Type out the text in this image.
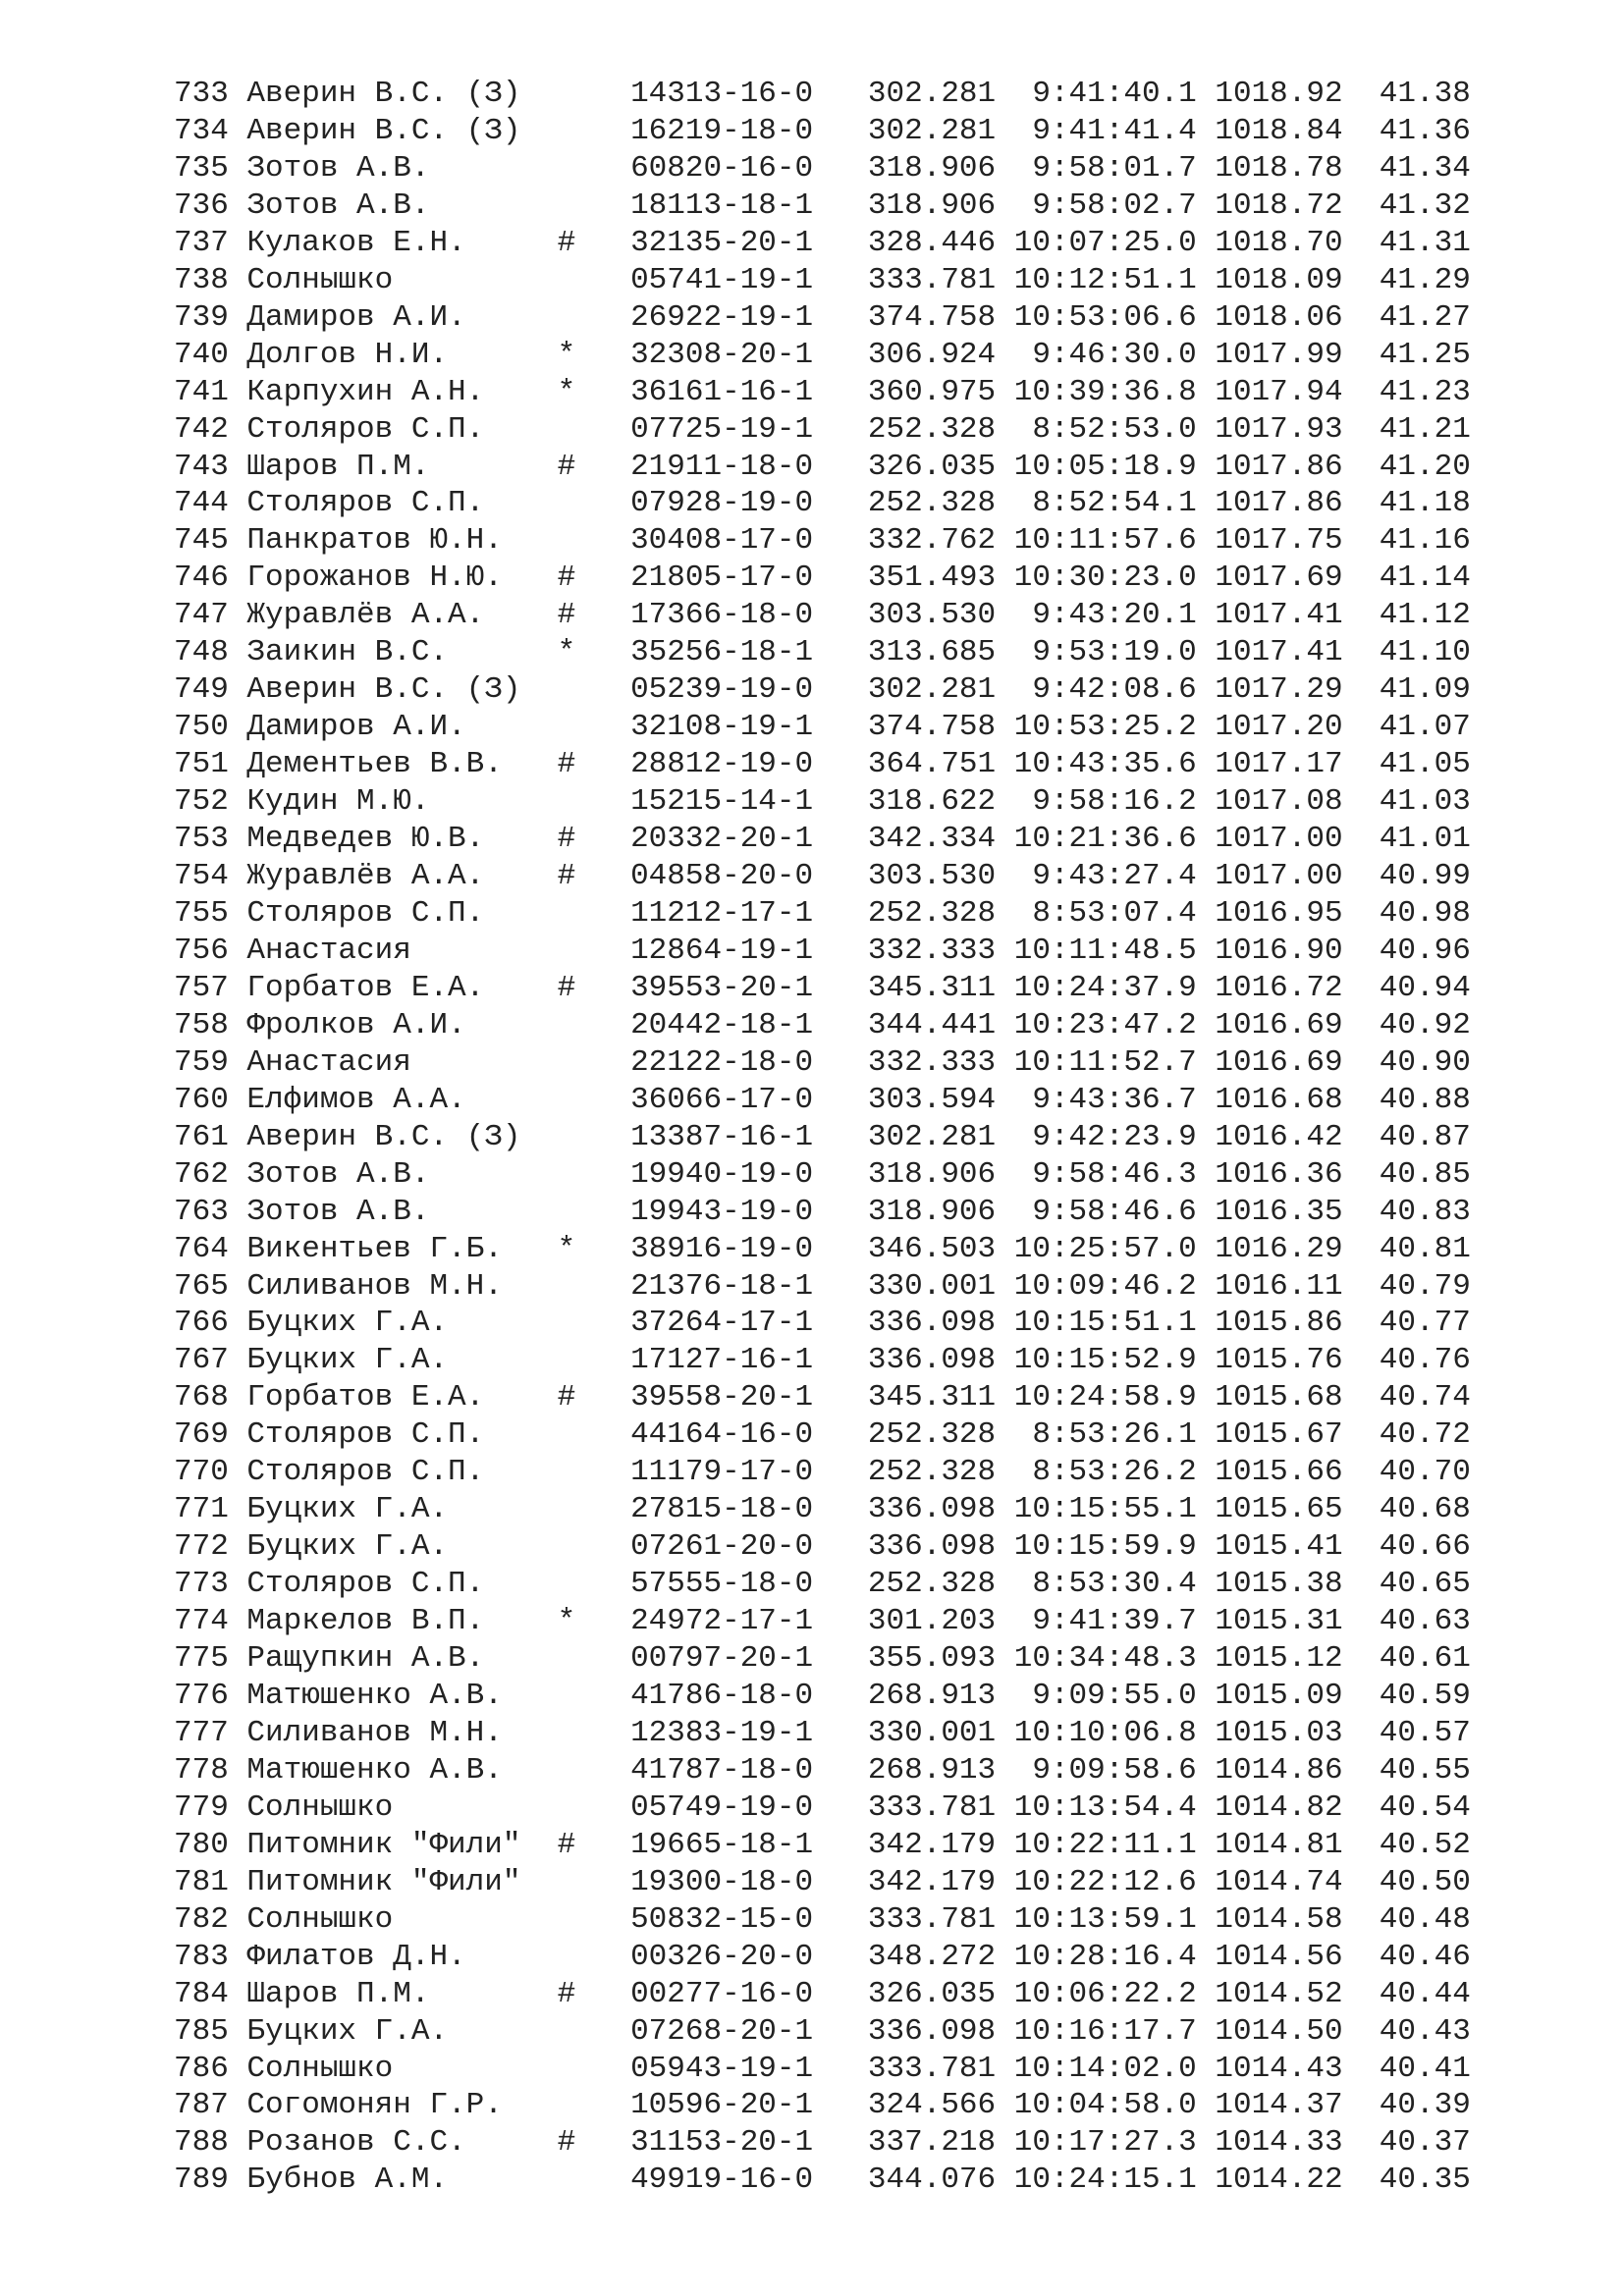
733 Аверин В.С. (З)      14313-16-0   302.281  9:41:40.1 1018.92  41.38
734 Аверин В.С. (З)      16219-18-0   302.281  9:41:41.4 1018.84  41.36
735 Зотов А.В.           60820-16-0   318.906  9:58:01.7 1018.78  41.34
736 Зотов А.В.           18113-18-1   318.906  9:58:02.7 1018.72  41.32
737 Кулаков Е.Н.     #   32135-20-1   328.446 10:07:25.0 1018.70  41.31
738 Солнышко             05741-19-1   333.781 10:12:51.1 1018.09  41.29
739 Дамиров А.И.         26922-19-1   374.758 10:53:06.6 1018.06  41.27
740 Долгов Н.И.      *   32308-20-1   306.924  9:46:30.0 1017.99  41.25
741 Карпухин А.Н.    *   36161-16-1   360.975 10:39:36.8 1017.94  41.23
742 Столяров С.П.        07725-19-1   252.328  8:52:53.0 1017.93  41.21
743 Шаров П.М.       #   21911-18-0   326.035 10:05:18.9 1017.86  41.20
744 Столяров С.П.        07928-19-0   252.328  8:52:54.1 1017.86  41.18
745 Панкратов Ю.Н.       30408-17-0   332.762 10:11:57.6 1017.75  41.16
746 Горожанов Н.Ю.   #   21805-17-0   351.493 10:30:23.0 1017.69  41.14
747 Журавлёв А.А.    #   17366-18-0   303.530  9:43:20.1 1017.41  41.12
748 Заикин В.С.      *   35256-18-1   313.685  9:53:19.0 1017.41  41.10
749 Аверин В.С. (З)      05239-19-0   302.281  9:42:08.6 1017.29  41.09
750 Дамиров А.И.         32108-19-1   374.758 10:53:25.2 1017.20  41.07
751 Дементьев В.В.   #   28812-19-0   364.751 10:43:35.6 1017.17  41.05
752 Кудин М.Ю.           15215-14-1   318.622  9:58:16.2 1017.08  41.03
753 Медведев Ю.В.    #   20332-20-1   342.334 10:21:36.6 1017.00  41.01
754 Журавлёв А.А.    #   04858-20-0   303.530  9:43:27.4 1017.00  40.99
755 Столяров С.П.        11212-17-1   252.328  8:53:07.4 1016.95  40.98
756 Анастасия            12864-19-1   332.333 10:11:48.5 1016.90  40.96
757 Горбатов Е.А.    #   39553-20-1   345.311 10:24:37.9 1016.72  40.94
758 Фролков А.И.         20442-18-1   344.441 10:23:47.2 1016.69  40.92
759 Анастасия            22122-18-0   332.333 10:11:52.7 1016.69  40.90
760 Елфимов А.А.         36066-17-0   303.594  9:43:36.7 1016.68  40.88
761 Аверин В.С. (З)      13387-16-1   302.281  9:42:23.9 1016.42  40.87
762 Зотов А.В.           19940-19-0   318.906  9:58:46.3 1016.36  40.85
763 Зотов А.В.           19943-19-0   318.906  9:58:46.6 1016.35  40.83
764 Викентьев Г.Б.   *   38916-19-0   346.503 10:25:57.0 1016.29  40.81
765 Силиванов М.Н.       21376-18-1   330.001 10:09:46.2 1016.11  40.79
766 Буцких Г.А.          37264-17-1   336.098 10:15:51.1 1015.86  40.77
767 Буцких Г.А.          17127-16-1   336.098 10:15:52.9 1015.76  40.76
768 Горбатов Е.А.    #   39558-20-1   345.311 10:24:58.9 1015.68  40.74
769 Столяров С.П.        44164-16-0   252.328  8:53:26.1 1015.67  40.72
770 Столяров С.П.        11179-17-0   252.328  8:53:26.2 1015.66  40.70
771 Буцких Г.А.          27815-18-0   336.098 10:15:55.1 1015.65  40.68
772 Буцких Г.А.          07261-20-0   336.098 10:15:59.9 1015.41  40.66
773 Столяров С.П.        57555-18-0   252.328  8:53:30.4 1015.38  40.65
774 Маркелов В.П.    *   24972-17-1   301.203  9:41:39.7 1015.31  40.63
775 Ращупкин А.В.        00797-20-1   355.093 10:34:48.3 1015.12  40.61
776 Матюшенко А.В.       41786-18-0   268.913  9:09:55.0 1015.09  40.59
777 Силиванов М.Н.       12383-19-1   330.001 10:10:06.8 1015.03  40.57
778 Матюшенко А.В.       41787-18-0   268.913  9:09:58.6 1014.86  40.55
779 Солнышко             05749-19-0   333.781 10:13:54.4 1014.82  40.54
780 Питомник "Фили"  #   19665-18-1   342.179 10:22:11.1 1014.81  40.52
781 Питомник "Фили"      19300-18-0   342.179 10:22:12.6 1014.74  40.50
782 Солнышко             50832-15-0   333.781 10:13:59.1 1014.58  40.48
783 Филатов Д.Н.         00326-20-0   348.272 10:28:16.4 1014.56  40.46
784 Шаров П.М.       #   00277-16-0   326.035 10:06:22.2 1014.52  40.44
785 Буцких Г.А.          07268-20-1   336.098 10:16:17.7 1014.50  40.43
786 Солнышко             05943-19-1   333.781 10:14:02.0 1014.43  40.41
787 Согомонян Г.Р.       10596-20-1   324.566 10:04:58.0 1014.37  40.39
788 Розанов С.С.     #   31153-20-1   337.218 10:17:27.3 1014.33  40.37
789 Бубнов А.М.          49919-16-0   344.076 10:24:15.1 1014.22  40.35
